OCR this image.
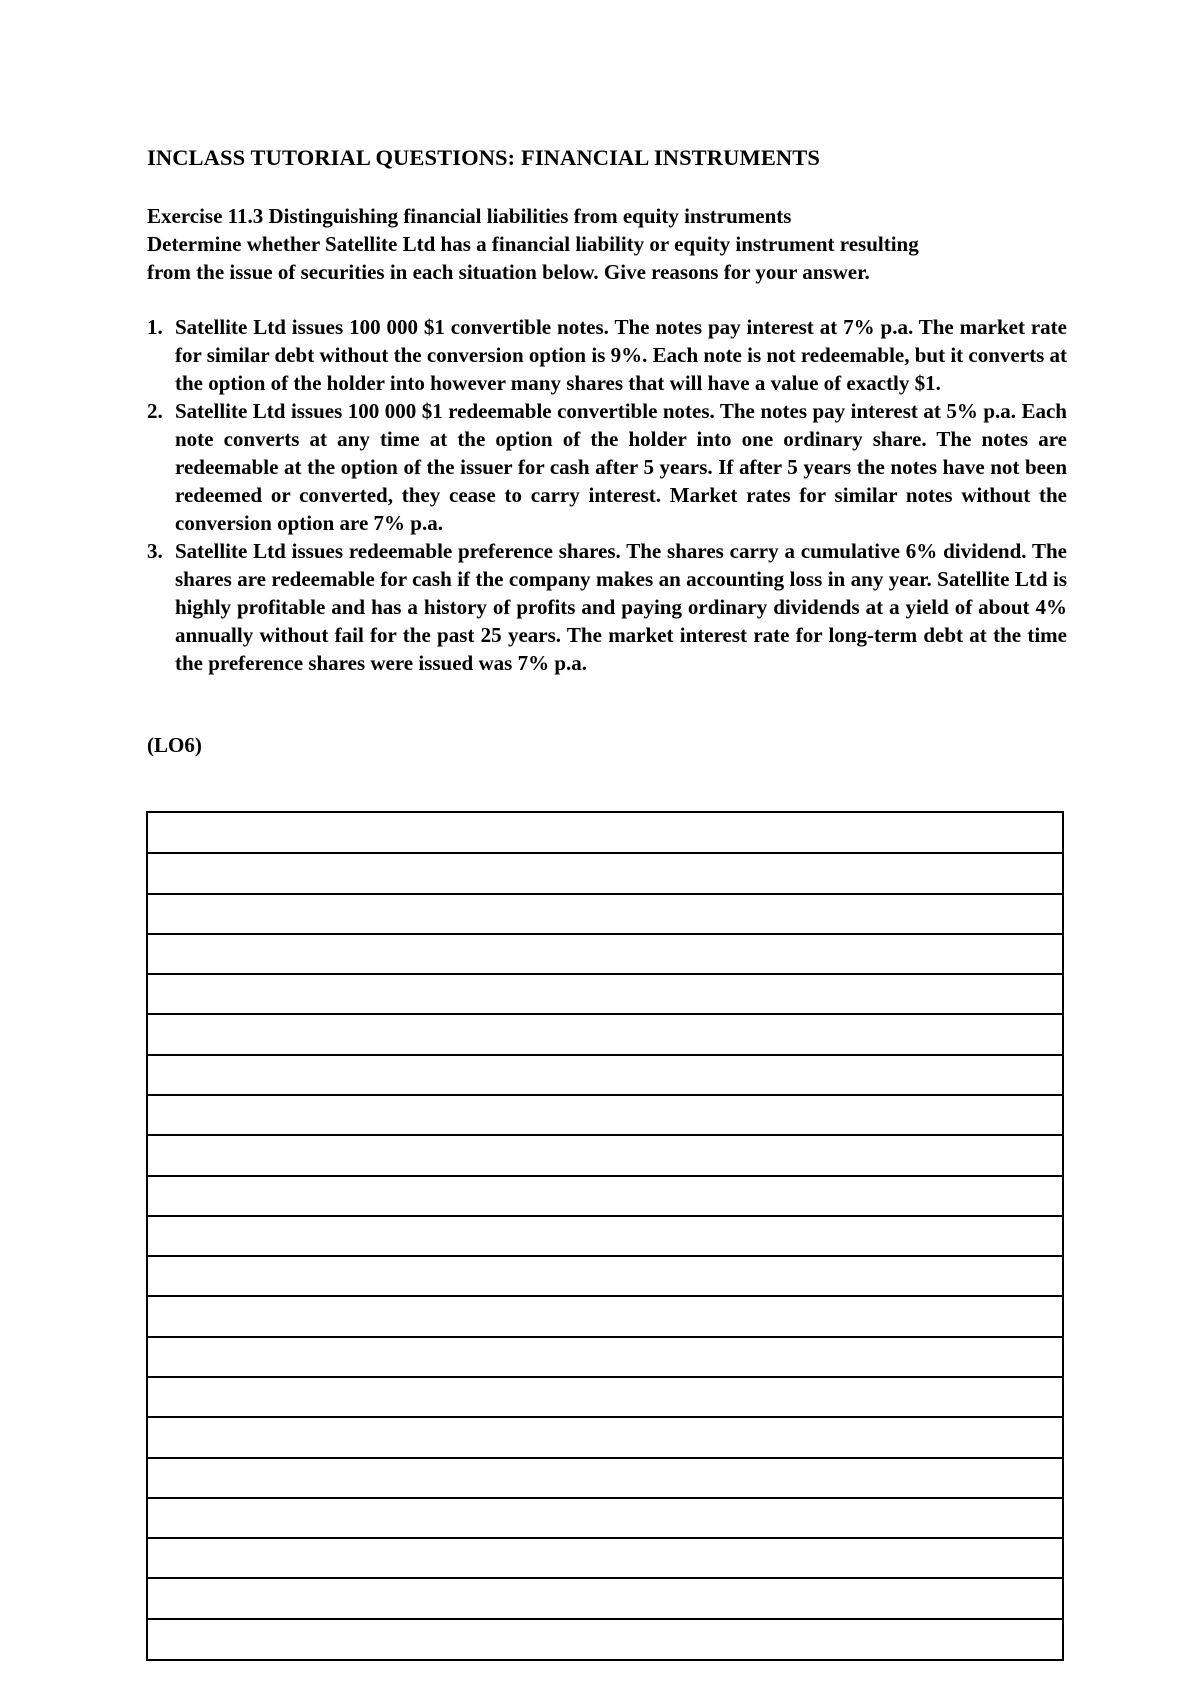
INCLASS TUTORIAL QUESTIONS: FINANCIAL INSTRUMENTS
Exercise 11.3 Distinguishing financial liabilities from equity instruments
Determine whether Satellite Ltd has a financial liability or equity instrument resulting
from the issue of securities in each situation below. Give reasons for your answer.
1. Satellite Ltd issues 100 000 $1 convertible notes. The notes pay interest at 7% p.a. The market rate for similar debt without the conversion option is 9%. Each note is not redeemable, but it converts at the option of the holder into however many shares that will have a value of exactly $1.
2. Satellite Ltd issues 100 000 $1 redeemable convertible notes. The notes pay interest at 5% p.a. Each note converts at any time at the option of the holder into one ordinary share. The notes are redeemable at the option of the issuer for cash after 5 years. If after 5 years the notes have not been redeemed or converted, they cease to carry interest. Market rates for similar notes without the conversion option are 7% p.a.
3. Satellite Ltd issues redeemable preference shares. The shares carry a cumulative 6% dividend. The shares are redeemable for cash if the company makes an accounting loss in any year. Satellite Ltd is highly profitable and has a history of profits and paying ordinary dividends at a yield of about 4% annually without fail for the past 25 years. The market interest rate for long-term debt at the time the preference shares were issued was 7% p.a.
(LO6)
